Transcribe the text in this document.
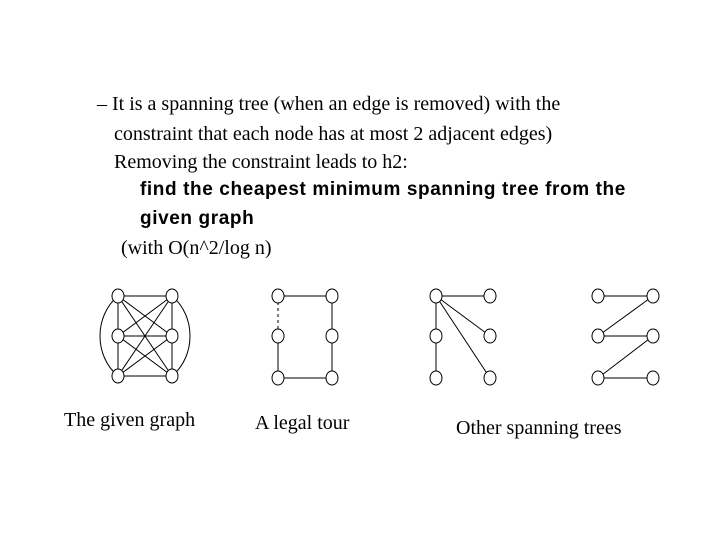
– It is a spanning tree (when an edge is removed) with the
constraint that each node has at most 2 adjacent edges)
Removing the constraint leads to h2:
find the cheapest minimum spanning tree from the
given graph
(with O(n^2/log n)
The given graph	A legal tour	Other spanning trees
